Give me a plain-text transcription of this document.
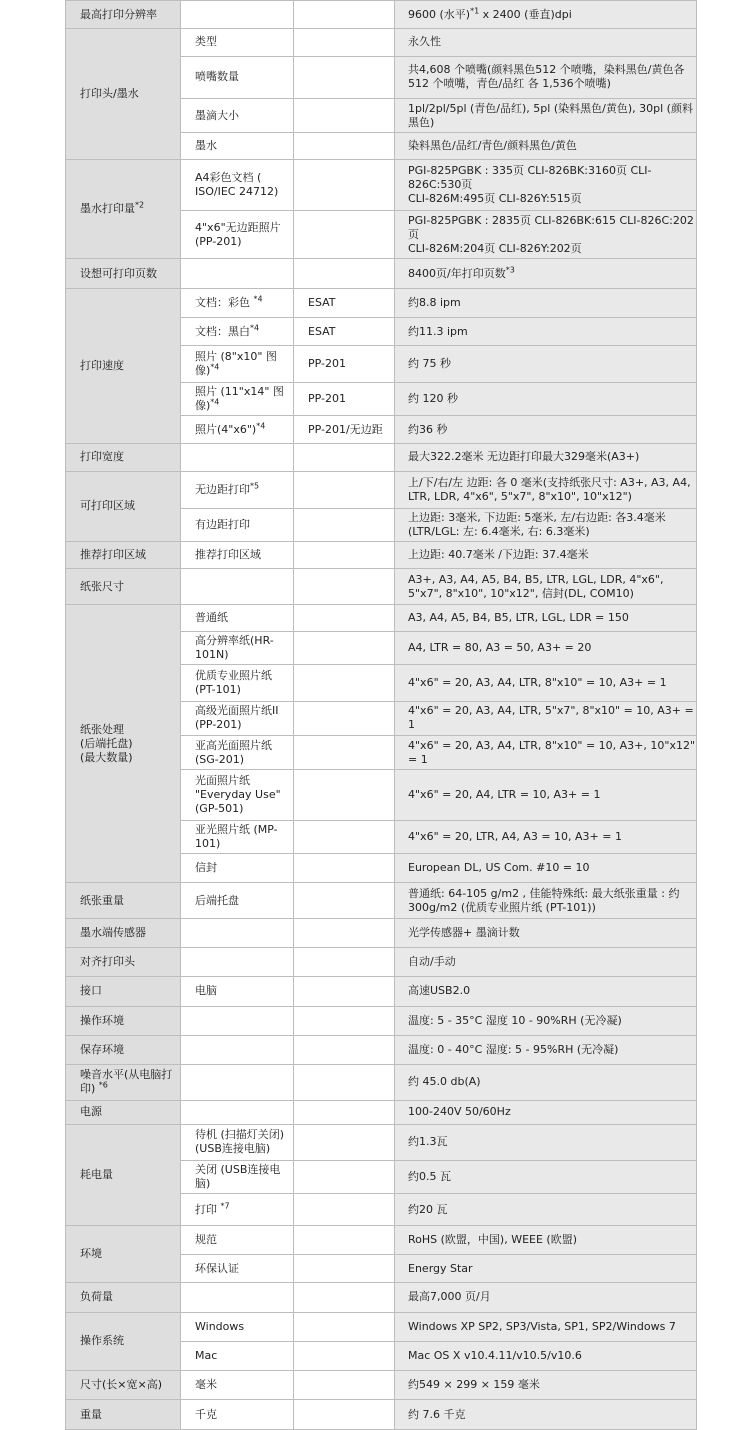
最高打印分辨率			9600 (水平)$^{*1}$ x 2400 (垂直)dpi

打印头/墨水	类型		永久性

	喷嘴数量		共4,608 个喷嘴(颜料黑色512 个喷嘴，染料黑色/黄色各512 个喷嘴，青色/品红 各 1,536个喷嘴)

	墨滴大小		1pl/2pl/5pl (青色/品红), 5pl (染料黑色/黄色), 30pl (颜料黑色)

	墨水		染料黑色/品红/青色/颜料黑色/黄色

墨水打印量$^{*2}$	A4彩色文档 ( ISO/IEC 24712)		PGI-825PGBK : 335页 CLI-826BK:3160页 CLI-826C:530页
CLI-826M:495页 CLI-826Y:515页

	4"x6"无边距照片 (PP-201)		PGI-825PGBK : 2835页 CLI-826BK:615 CLI-826C:202页
CLI-826M:204页 CLI-826Y:202页

设想可打印页数			8400页/年打印页数$^{*3}$

打印速度	文档：彩色 $^{*4}$	ESAT	约8.8 ipm

	文档：黑白$^{*4}$	ESAT	约11.3 ipm

	照片 (8"x10" 图像)$^{*4}$	PP-201	约 75 秒

	照片 (11"x14" 图像)$^{*4}$	PP-201	约 120 秒

	照片(4"x6")$^{*4}$	PP-201/无边距	约36 秒

打印宽度			最大322.2毫米 无边距打印最大329毫米(A3+)

可打印区域	无边距打印$^{*5}$		上/下/右/左 边距: 各 0 毫米(支持纸张尺寸: A3+, A3, A4, LTR, LDR, 4"x6", 5"x7", 8"x10", 10"x12")

	有边距打印		上边距: 3毫米, 下边距: 5毫米, 左/右边距: 各3.4毫米 (LTR/LGL: 左: 6.4毫米, 右: 6.3毫米)

推荐打印区域	推荐打印区域		上边距: 40.7毫米 /下边距: 37.4毫米

纸张尺寸			A3+, A3, A4, A5, B4, B5, LTR, LGL, LDR, 4"x6", 5"x7", 8"x10", 10"x12", 信封(DL, COM10)

纸张处理
(后端托盘)
(最大数量)	普通纸		A3, A4, A5, B4, B5, LTR, LGL, LDR = 150

	高分辨率纸(HR-101N)		A4, LTR = 80, A3 = 50, A3+ = 20

	优质专业照片纸 (PT-101)		4"x6" = 20, A3, A4, LTR, 8"x10" = 10, A3+ = 1

	高级光面照片纸II (PP-201)		4"x6" = 20, A3, A4, LTR, 5"x7", 8"x10" = 10, A3+ = 1

	亚高光面照片纸 (SG-201)		4"x6" = 20, A3, A4, LTR, 8"x10" = 10, A3+, 10"x12" = 1

	光面照片纸 "Everyday Use" (GP-501)		4"x6" = 20, A4, LTR = 10, A3+ = 1

	亚光照片纸 (MP-101)		4"x6" = 20, LTR, A4, A3 = 10, A3+ = 1

	信封		European DL, US Com. #10 = 10

纸张重量	后端托盘		普通纸: 64-105 g/m2 , 佳能特殊纸: 最大纸张重量 : 约 300g/m2 (优质专业照片纸 (PT-101))

墨水端传感器			光学传感器+ 墨滴计数

对齐打印头			自动/手动

接口	电脑		高速USB2.0

操作环境			温度: 5 - 35°C 湿度 10 - 90%RH (无冷凝)

保存环境			温度: 0 - 40°C 湿度: 5 - 95%RH (无冷凝)

噪音水平(从电脑打印) $^{*6}$			约 45.0 db(A)

电源			100-240V 50/60Hz

耗电量	待机 (扫描灯关闭) (USB连接电脑)		约1.3瓦

	关闭 (USB连接电脑)		约0.5 瓦

	打印 $^{*7}$		约20 瓦

环境	规范		RoHS (欧盟，中国), WEEE (欧盟)

	环保认证		Energy Star

负荷量			最高7,000 页/月

操作系统	Windows		Windows XP SP2, SP3/Vista, SP1, SP2/Windows 7

	Mac		Mac OS X v10.4.11/v10.5/v10.6

尺寸(长×宽×高)	毫米		约549 × 299 × 159 毫米

重量	千克		约 7.6 千克
